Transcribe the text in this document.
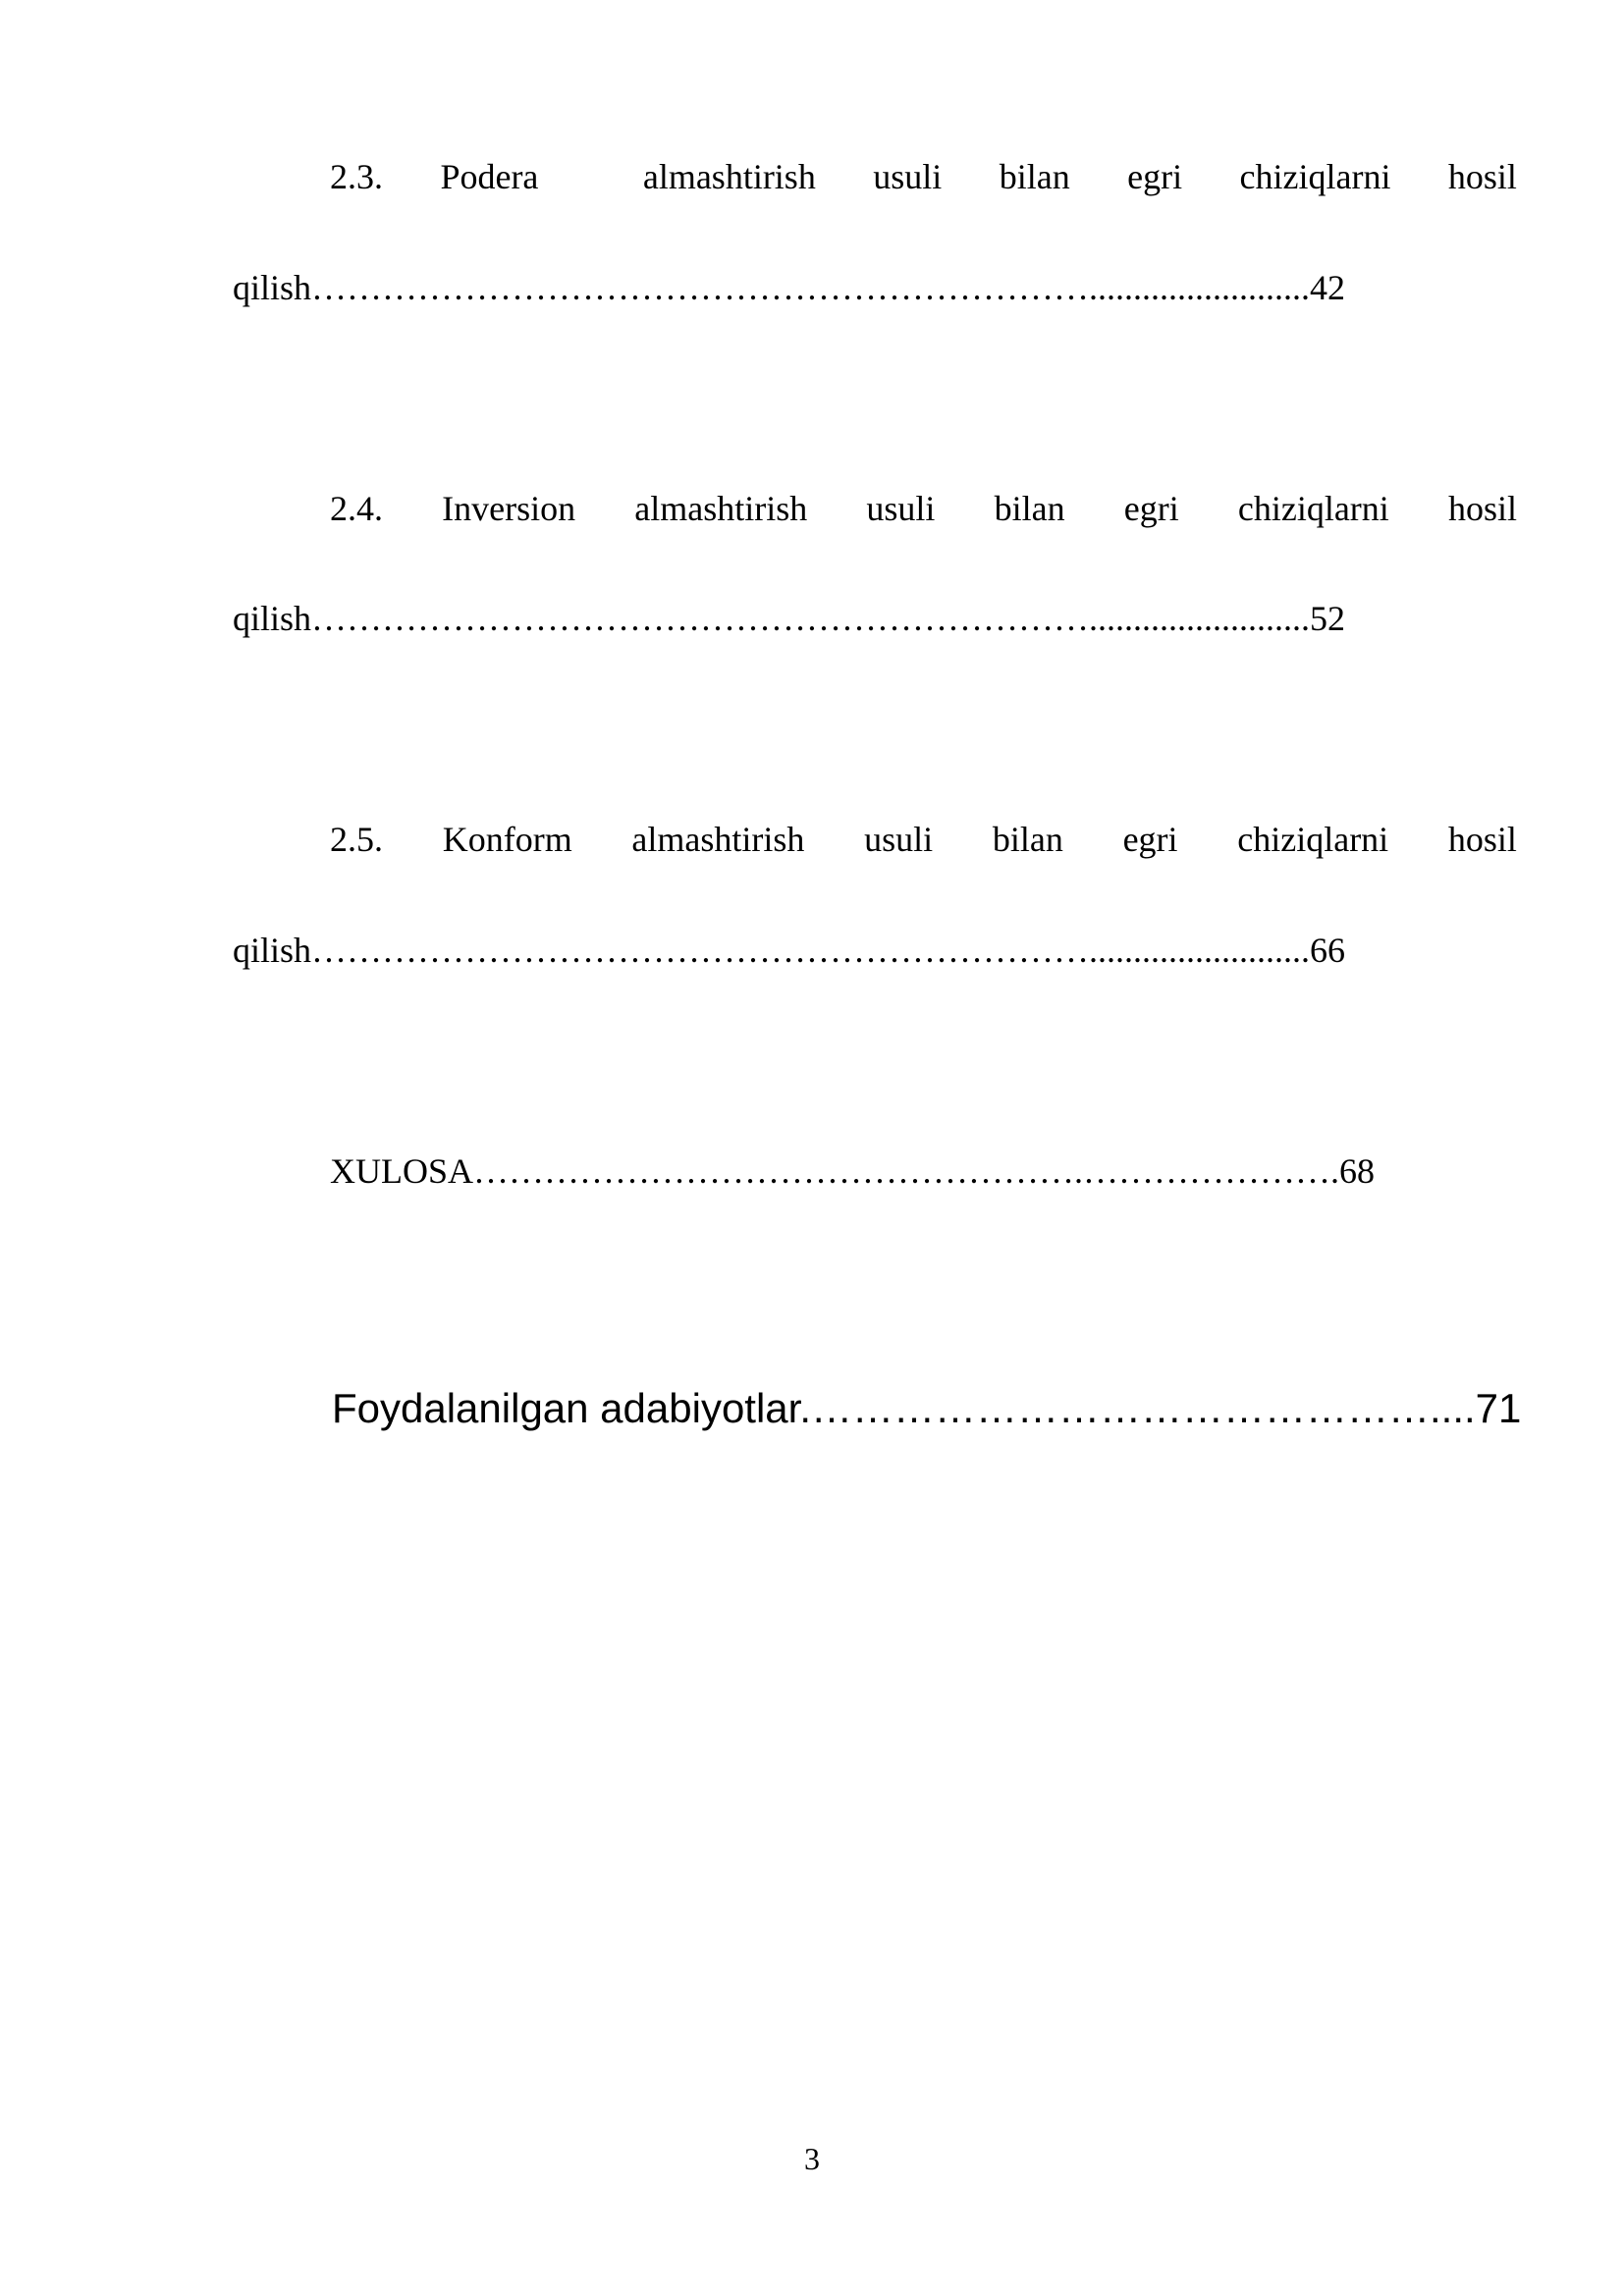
2.3. Podera	almashtirish usuli bilan egri chiziqlarni hosil
qilish………………………………………………………….........................42
2.4. Inversion almashtirish usuli bilan egri chiziqlarni hosil
qilish………………………………………………………….........................52
2.5. Konform almashtirish usuli bilan egri chiziqlarni hosil
qilish………………………………………………………….........................66
XULOSA…………………………………………….………………….68
Foydalanilgan adabiyotlar.………………………………………....71
3
